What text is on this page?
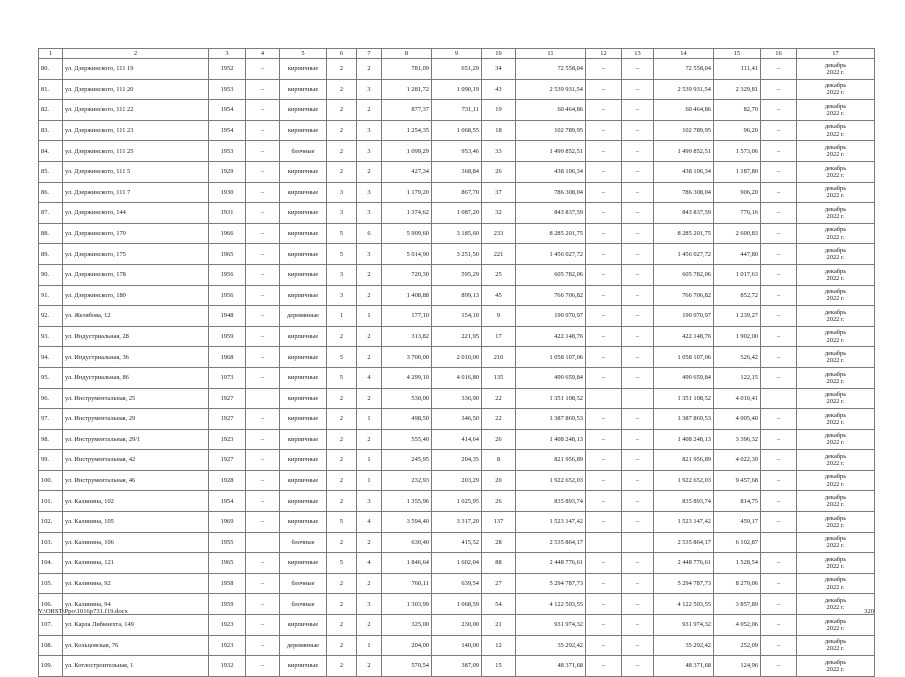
1	2	3	4	5	6	7	8	9	10	11	12	13	14	15	16	17
80.	ул. Дзержинского, 111 19	1952	–	кирпичные	2	2	781,09	651,29	34	72 558,04	–	–	72 558,04	111,41	–	декабрь
2022 г.

81.	ул. Дзержинского, 111 20	1953	–	кирпичные	2	3	1 281,72	1 090,19	43	2 539 931,54	–	–	2 539 931,54	2 329,81	–	декабрь
2022 г.

82.	ул. Дзержинского, 111 22	1954	–	кирпичные	2	2	877,37	731,11	19	60 464,86	–	–	60 464,86	82,70	–	декабрь
2022 г.

83.	ул. Дзержинского, 111 23	1954	–	кирпичные	2	3	1 254,35	1 068,55	18	102 789,95	–	–	102 789,95	96,20	–	декабрь
2022 г.

84.	ул. Дзержинского, 111 25	1953	–	блочные	2	3	1 099,29	953,46	33	1 499 852,51	–	–	1 499 852,51	1 573,06	–	декабрь
2022 г.

85.	ул. Дзержинского, 111 5	1929	–	кирпичные	2	2	427,34	368,84	26	438 106,34	–	–	438 106,34	1 187,80	–	декабрь
2022 г.

86.	ул. Дзержинского, 111 7	1930	–	кирпичные	3	3	1 179,20	867,70	37	786 308,04	–	–	786 308,04	906,20	–	декабрь
2022 г.

87.	ул. Дзержинского, 144	1931	–	кирпичные	3	3	1 374,62	1 087,20	32	843 837,59	–	–	843 837,59	776,16	–	декабрь
2022 г.

88.	ул. Дзержинского, 170	1966	–	кирпичные	5	6	5 909,60	3 185,60	233	8 285 201,75	–	–	8 285 201,75	2 600,83	–	декабрь
2022 г.

89.	ул. Дзержинского, 175	1965	–	кирпичные	5	3	5 014,90	3 251,50	221	1 456 027,72	–	–	1 456 027,72	447,80	–	декабрь
2022 г.

90.	ул. Дзержинского, 178	1956	–	кирпичные	3	2	720,30	595,29	25	605 782,06	–	–	605 782,06	1 017,63	–	декабрь
2022 г.

91.	ул. Дзержинского, 180	1956	–	кирпичные	3	2	1 408,88	899,13	45	766 706,82	–	–	766 706,82	852,72	–	декабрь
2022 г.

92.	ул. Желябова, 12	1948	–	деревянные	1	1	177,10	154,10	9	190 970,97	–	–	190 970,97	1 239,27	–	декабрь
2022 г.

93.	ул. Индустриальная, 28	1959	–	кирпичные	2	2	313,82	221,95	17	422 148,76	–	–	422 148,76	1 902,00	–	декабрь
2022 г.

94.	ул. Индустриальная, 36	1968	–	кирпичные	5	2	3 700,00	2 010,00	210	1 058 107,06	–	–	1 058 107,06	526,42	–	декабрь
2022 г.

95.	ул. Индустриальная, 86	1973	–	кирпичные	5	4	4 299,10	4 016,80	135	490 659,84	–	–	490 659,84	122,15	–	декабрь
2022 г.

96.	ул. Инструментальная, 25	1927		кирпичные	2	2	530,00	336,90	22	1 351 108,52			1 351 108,52	4 010,41		декабрь
2022 г.

97.	ул. Инструментальная, 29	1927	–	кирпичные	2	1	498,50	346,50	22	1 387 869,53	–	–	1 387 869,53	4 005,40	–	декабрь
2022 г.

98.	ул. Инструментальная, 29/1	1923	–	кирпичные	2	2	555,40	414,64	26	1 408 248,13	–	–	1 408 248,13	3 396,32	–	декабрь
2022 г.

99.	ул. Инструментальная, 42	1927	–	кирпичные	2	1	245,95	204,35	8	821 956,89	–	–	821 956,89	4 022,30	–	декабрь
2022 г.

100.	ул. Инструментальная, 46	1928	–	кирпичные	2	1	232,93	203,29	20	1 922 652,03	–	–	1 922 652,03	9 457,68	–	декабрь
2022 г.

101.	ул. Калинина, 102	1954	–	кирпичные	2	3	1 355,96	1 025,95	26	835 893,74	–	–	835 893,74	814,75	–	декабрь
2022 г.

102.	ул. Калинина, 105	1969	–	кирпичные	5	4	3 594,40	3 317,20	137	1 523 147,42	–	–	1 523 147,42	459,17	–	декабрь
2022 г.

103.	ул. Калинина, 106	1955		блочные	2	2	630,40	415,52	28	2 535 864,17			2 535 864,17	6 102,87		декабрь
2022 г.

104.	ул. Калинина, 121	1965	–	кирпичные	5	4	1 846,64	1 602,04	88	2 448 776,61	–	–	2 448 776,61	1 528,54	–	декабрь
2022 г.

105.	ул. Калинина, 92	1958	–	блочные	2	2	760,11	639,54	27	5 294 787,73	–	–	5 294 787,73	8 279,06	–	декабрь
2022 г.

106.	ул. Калинина, 94	1959	–	блочные	2	3	1 303,99	1 068,59	54	4 122 503,55	–	–	4 122 503,55	3 857,89	–	декабрь
2022 г.

107.	ул. Карла Либкнехта, 149	1923	–	кирпичные	2	2	325,00	230,00	21	931 974,32	–	–	931 974,32	4 052,06	–	декабрь
2022 г.

108.	ул. Кольцовская, 76	1923	–	деревянные	2	1	204,00	140,00	12	35 292,42	–	–	35 292,42	252,09	–	декабрь
2022 г.

109.	ул. Котлостроительная, 1	1932	–	кирпичные	2	2	570,54	387,09	15	48 371,68	–	–	48 371,68	124,96	–	декабрь
2022 г.
Y:\ORST\Ppo\1016p731.f19.docx	320
